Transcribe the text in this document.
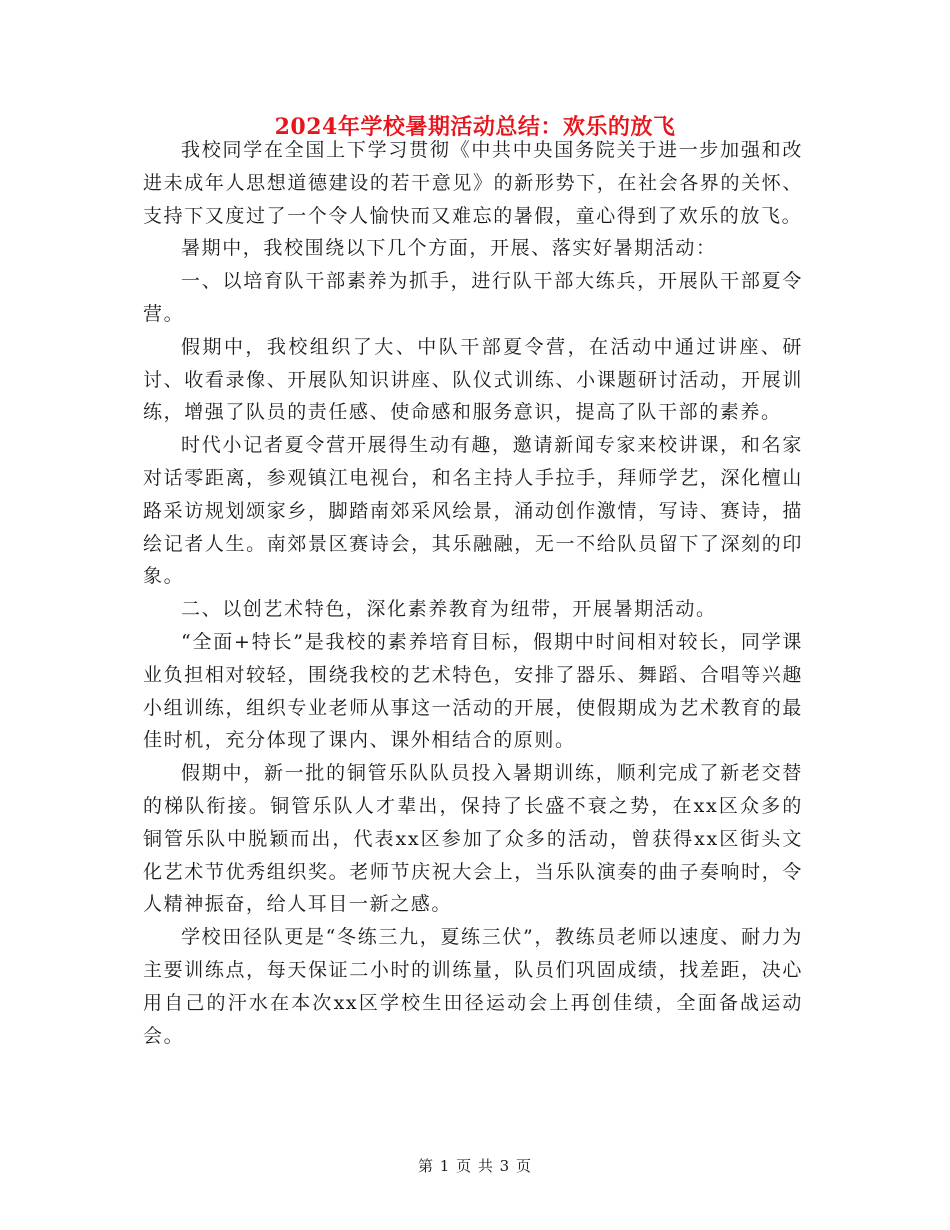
2024年学校暑期活动总结：欢乐的放飞

我校同学在全国上下学习贯彻《中共中央国务院关于进一步加强和改进未成年人思想道德建设的若干意见》的新形势下，在社会各界的关怀、支持下又度过了一个令人愉快而又难忘的暑假，童心得到了欢乐的放飞。

暑期中，我校围绕以下几个方面，开展、落实好暑期活动：

一、以培育队干部素养为抓手，进行队干部大练兵，开展队干部夏令营。

假期中，我校组织了大、中队干部夏令营，在活动中通过讲座、研讨、收看录像、开展队知识讲座、队仪式训练、小课题研讨活动，开展训练，增强了队员的责任感、使命感和服务意识，提高了队干部的素养。

时代小记者夏令营开展得生动有趣，邀请新闻专家来校讲课，和名家对话零距离，参观镇江电视台，和名主持人手拉手，拜师学艺，深化檀山路采访规划颂家乡，脚踏南郊采风绘景，涌动创作激情，写诗、赛诗，描绘记者人生。南郊景区赛诗会，其乐融融，无一不给队员留下了深刻的印象。

二、以创艺术特色，深化素养教育为纽带，开展暑期活动。

“全面+特长”是我校的素养培育目标，假期中时间相对较长，同学课业负担相对较轻，围绕我校的艺术特色，安排了器乐、舞蹈、合唱等兴趣小组训练，组织专业老师从事这一活动的开展，使假期成为艺术教育的最佳时机，充分体现了课内、课外相结合的原则。

假期中，新一批的铜管乐队队员投入暑期训练，顺利完成了新老交替的梯队衔接。铜管乐队人才辈出，保持了长盛不衰之势，在xx区众多的铜管乐队中脱颖而出，代表xx区参加了众多的活动，曾获得xx区街头文化艺术节优秀组织奖。老师节庆祝大会上，当乐队演奏的曲子奏响时，令人精神振奋，给人耳目一新之感。

学校田径队更是“冬练三九，夏练三伏”，教练员老师以速度、耐力为主要训练点，每天保证二小时的训练量，队员们巩固成绩，找差距，决心用自己的汗水在本次xx区学校生田径运动会上再创佳绩，全面备战运动会。

第 1 页 共 3 页
